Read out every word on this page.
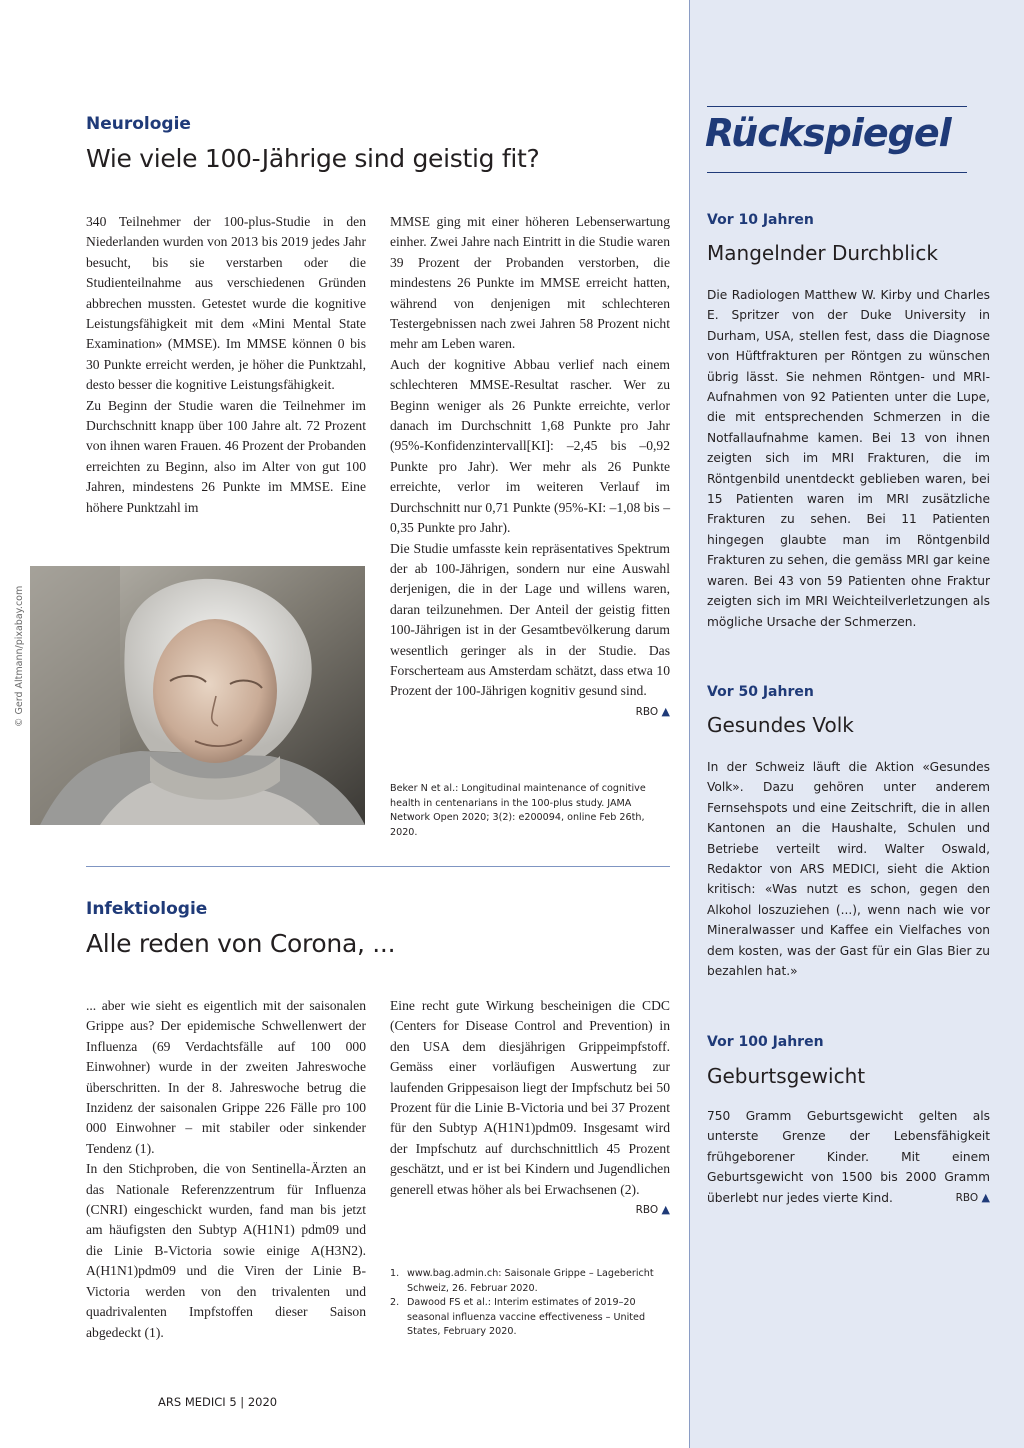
Rückspiegel

Vor 10 Jahren

Mangelnder Durchblick

Die Radiologen Matthew W. Kirby und Charles E. Spritzer von der Duke University in Durham, USA, stellen fest, dass die Diagnose von Hüftfrakturen per Röntgen zu wünschen übrig lässt. Sie nehmen Röntgen- und MRI-Aufnahmen von 92 Patienten unter die Lupe, die mit entsprechenden Schmerzen in die Notfallaufnahme kamen. Bei 13 von ihnen zeigten sich im MRI Frakturen, die im Röntgenbild unentdeckt geblieben waren, bei 15 Patienten waren im MRI zusätzliche Frakturen zu sehen. Bei 11 Patienten hingegen glaubte man im Röntgenbild Frakturen zu sehen, die gemäss MRI gar keine waren. Bei 43 von 59 Patienten ohne Fraktur zeigten sich im MRI Weichteilverletzungen als mögliche Ursache der Schmerzen.

Vor 50 Jahren

Gesundes Volk

In der Schweiz läuft die Aktion «Gesundes Volk». Dazu gehören unter anderem Fernsehspots und eine Zeitschrift, die in allen Kantonen an die Haushalte, Schulen und Betriebe verteilt wird. Walter Oswald, Redaktor von ARS MEDICI, sieht die Aktion kritisch: «Was nutzt es schon, gegen den Alkohol loszuziehen (...), wenn nach wie vor Mineralwasser und Kaffee ein Vielfaches von dem kosten, was der Gast für ein Glas Bier zu bezahlen hat.»

Vor 100 Jahren

Geburtsgewicht

750 Gramm Geburtsgewicht gelten als unterste Grenze der Lebensfähigkeit frühgeborener Kinder. Mit einem Geburtsgewicht von 1500 bis 2000 Gramm überlebt nur jedes vierte Kind.	RBO ▲

Neurologie

Wie viele 100-Jährige sind geistig fit?

340 Teilnehmer der 100-plus-Studie in den Niederlanden wurden von 2013 bis 2019 jedes Jahr besucht, bis sie verstarben oder die Studienteilnahme aus verschiedenen Gründen abbrechen mussten. Getestet wurde die kognitive Leistungsfähigkeit mit dem «Mini Mental State Examination» (MMSE). Im MMSE können 0 bis 30 Punkte erreicht werden, je höher die Punktzahl, desto besser die kognitive Leistungsfähigkeit.

Zu Beginn der Studie waren die Teilnehmer im Durchschnitt knapp über 100 Jahre alt. 72 Prozent von ihnen waren Frauen. 46 Prozent der Probanden erreichten zu Beginn, also im Alter von gut 100 Jahren, mindestens 26 Punkte im MMSE. Eine höhere Punktzahl im

MMSE ging mit einer höheren Lebenserwartung einher. Zwei Jahre nach Eintritt in die Studie waren 39 Prozent der Probanden verstorben, die mindestens 26 Punkte im MMSE erreicht hatten, während von denjenigen mit schlechteren Testergebnissen nach zwei Jahren 58 Prozent nicht mehr am Leben waren.

Auch der kognitive Abbau verlief nach einem schlechteren MMSE-Resultat rascher. Wer zu Beginn weniger als 26 Punkte erreichte, verlor danach im Durchschnitt 1,68 Punkte pro Jahr (95%-Konfidenzintervall[KI]: –2,45 bis –0,92 Punkte pro Jahr). Wer mehr als 26 Punkte erreichte, verlor im weiteren Verlauf im Durchschnitt nur 0,71 Punkte (95%-KI: –1,08 bis –0,35 Punkte pro Jahr).

Die Studie umfasste kein repräsentatives Spektrum der ab 100-Jährigen, sondern nur eine Auswahl derjenigen, die in der Lage und willens waren, daran teilzunehmen. Der Anteil der geistig fitten 100-Jährigen ist in der Gesamtbevölkerung darum wesentlich geringer als in der Studie. Das Forscherteam aus Amsterdam schätzt, dass etwa 10 Prozent der 100-Jährigen kognitiv gesund sind.
RBO ▲

© Gerd Altmann/pixabay.com

Beker N et al.: Longitudinal maintenance of cognitive health in centenarians in the 100-plus study. JAMA Network Open 2020; 3(2): e200094, online Feb 26th, 2020.

Infektiologie

Alle reden von Corona, ...

... aber wie sieht es eigentlich mit der saisonalen Grippe aus? Der epidemische Schwellenwert der Influenza (69 Verdachtsfälle auf 100 000 Einwohner) wurde in der zweiten Jahreswoche überschritten. In der 8. Jahreswoche betrug die Inzidenz der saisonalen Grippe 226 Fälle pro 100 000 Einwohner – mit stabiler oder sinkender Tendenz (1).

In den Stichproben, die von Sentinella-Ärzten an das Nationale Referenzzentrum für Influenza (CNRI) eingeschickt wurden, fand man bis jetzt am häufigsten den Subtyp A(H1N1) pdm09 und die Linie B-Victoria sowie einige A(H3N2). A(H1N1)pdm09 und die Viren der Linie B-Victoria werden von den trivalenten und quadrivalenten Impfstoffen dieser Saison abgedeckt (1).

Eine recht gute Wirkung bescheinigen die CDC (Centers for Disease Control and Prevention) in den USA dem diesjährigen Grippeimpfstoff. Gemäss einer vorläufigen Auswertung zur laufenden Grippesaison liegt der Impfschutz bei 50 Prozent für die Linie B-Victoria und bei 37 Prozent für den Subtyp A(H1N1)pdm09. Insgesamt wird der Impfschutz auf durchschnittlich 45 Prozent geschätzt, und er ist bei Kindern und Jugendlichen generell etwas höher als bei Erwachsenen (2).
RBO ▲

1. www.bag.admin.ch: Saisonale Grippe – Lagebericht Schweiz, 26. Februar 2020.
2. Dawood FS et al.: Interim estimates of 2019–20 seasonal influenza vaccine effectiveness – United States, February 2020.

ARS MEDICI 5 | 2020
